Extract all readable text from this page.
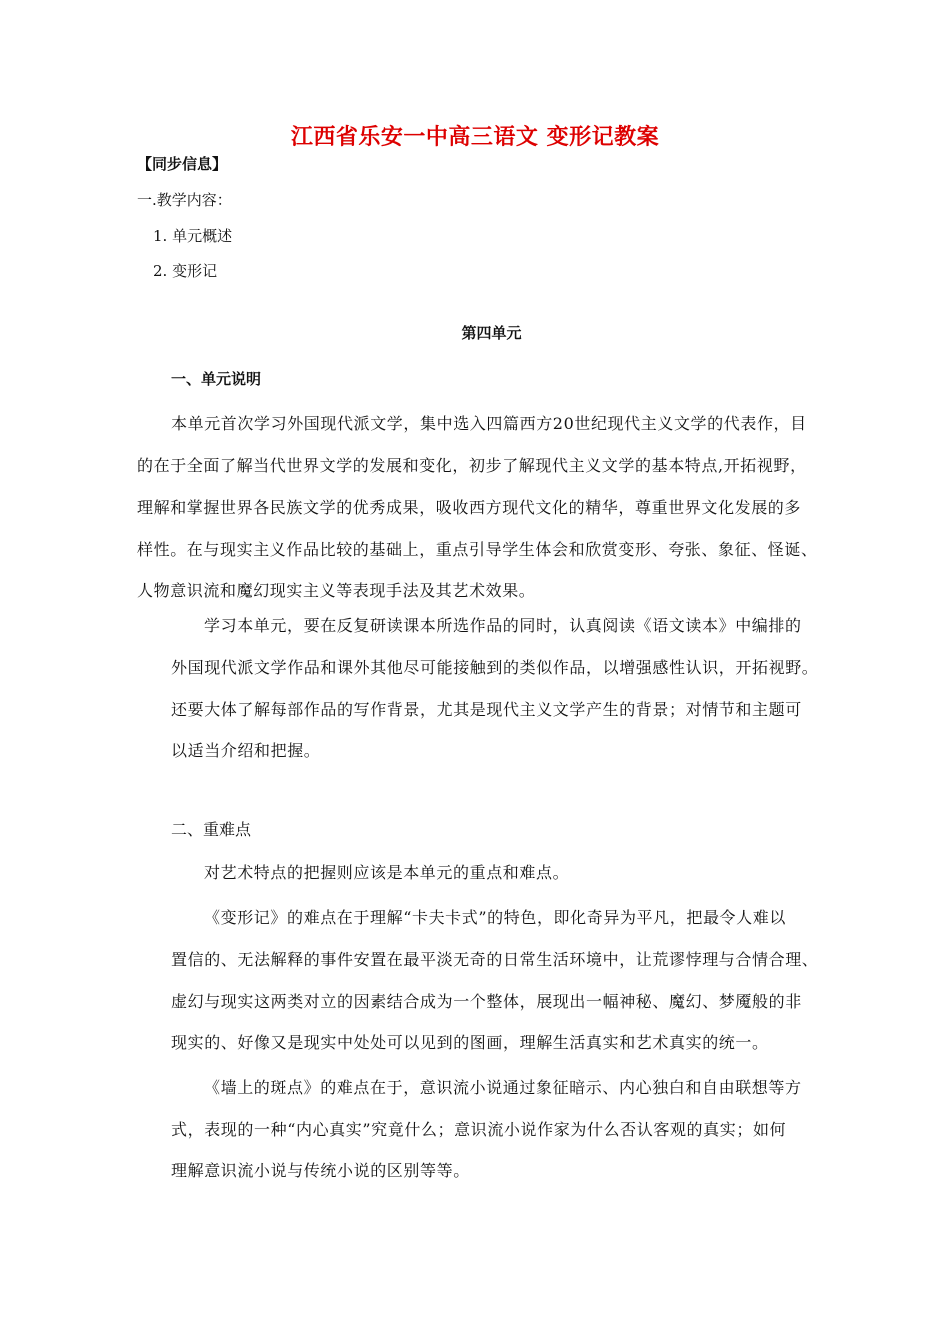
江西省乐安一中高三语文 变形记教案
【同步信息】
一.教学内容：
1. 单元概述
2. 变形记
第四单元
一、单元说明
本单元首次学习外国现代派文学，集中选入四篇西方20世纪现代主义文学的代表作，目
的在于全面了解当代世界文学的发展和变化，初步了解现代主义文学的基本特点,开拓视野，
理解和掌握世界各民族文学的优秀成果，吸收西方现代文化的精华，尊重世界文化发展的多
样性。在与现实主义作品比较的基础上，重点引导学生体会和欣赏变形、夸张、象征、怪诞、
人物意识流和魔幻现实主义等表现手法及其艺术效果。
学习本单元，要在反复研读课本所选作品的同时，认真阅读《语文读本》中编排的
外国现代派文学作品和课外其他尽可能接触到的类似作品，以增强感性认识，开拓视野。
还要大体了解每部作品的写作背景，尤其是现代主义文学产生的背景；对情节和主题可
以适当介绍和把握。
二、重难点
对艺术特点的把握则应该是本单元的重点和难点。
《变形记》的难点在于理解“卡夫卡式”的特色，即化奇异为平凡，把最令人难以
置信的、无法解释的事件安置在最平淡无奇的日常生活环境中，让荒谬悖理与合情合理、
虚幻与现实这两类对立的因素结合成为一个整体，展现出一幅神秘、魔幻、梦魇般的非
现实的、好像又是现实中处处可以见到的图画，理解生活真实和艺术真实的统一。
《墙上的斑点》的难点在于，意识流小说通过象征暗示、内心独白和自由联想等方
式，表现的一种“内心真实”究竟什么；意识流小说作家为什么否认客观的真实；如何
理解意识流小说与传统小说的区别等等。
